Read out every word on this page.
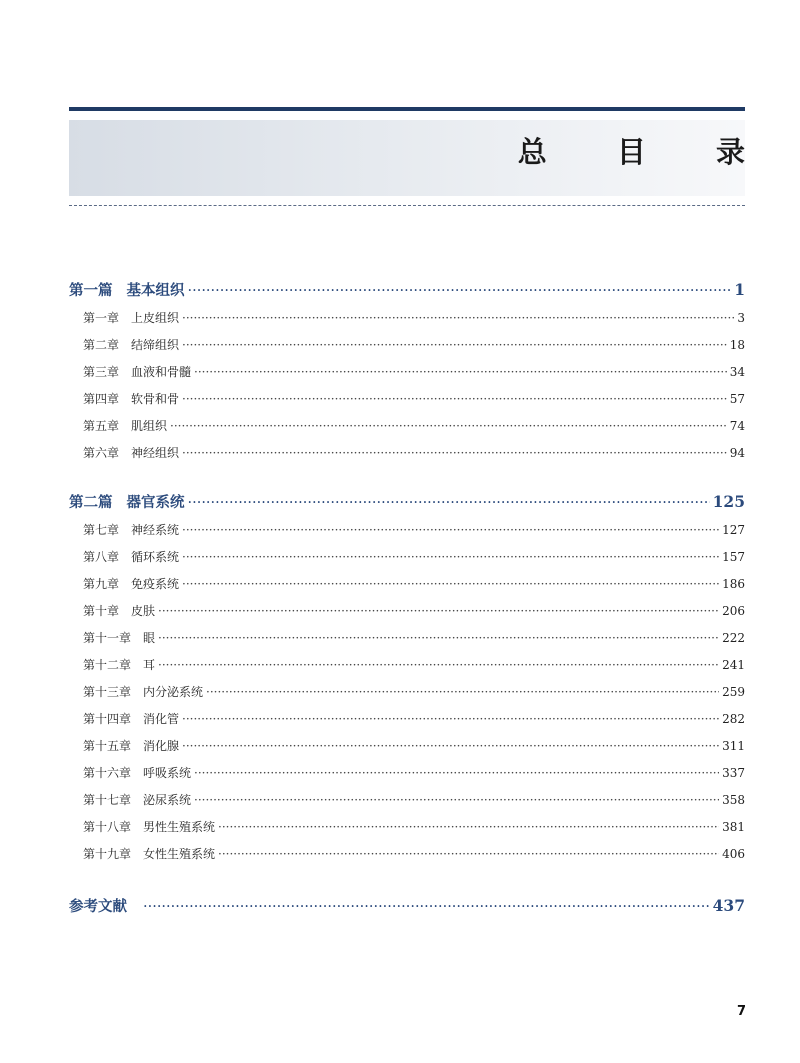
总 目 录
第一篇 基本组织 ·····	1
第一章 上皮组织 ·····	3
第二章 结缔组织 ·····	18
第三章 血液和骨髓 ·····	34
第四章 软骨和骨 ·····	57
第五章 肌组织 ·····	74
第六章 神经组织 ·····	94
第二篇 器官系统 ·····	125
第七章 神经系统 ·····	127
第八章 循环系统 ·····	157
第九章 免疫系统 ·····	186
第十章 皮肤 ·····	206
第十一章 眼 ·····	222
第十二章 耳 ·····	241
第十三章 内分泌系统 ·····	259
第十四章 消化管 ·····	282
第十五章 消化腺 ·····	311
第十六章 呼吸系统 ·····	337
第十七章 泌尿系统 ·····	358
第十八章 男性生殖系统 ·····	381
第十九章 女性生殖系统 ·····	406
参考文献 ·····	437
7
